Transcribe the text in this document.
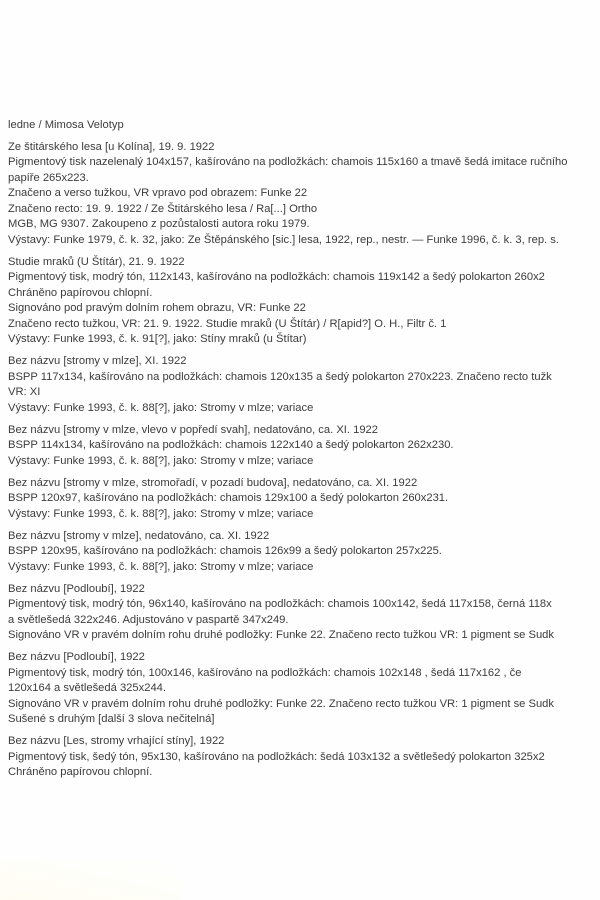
ledne / Mimosa Velotyp
Ze štitárského lesa [u Kolína], 19. 9. 1922
Pigmentový tisk nazelenalý 104x157, kašírováno na podložkách: chamois 115x160 a tmavě šedá imitace ručního
papíře 265x223.
Značeno a verso tužkou, VR vpravo pod obrazem: Funke 22
Značeno recto: 19. 9. 1922 / Ze Štitárského lesa / Ra[...] Ortho
MGB, MG 9307. Zakoupeno z pozůstalosti autora roku 1979.
Výstavy: Funke 1979, č. k. 32, jako: Ze Štěpánského [sic.] lesa, 1922, rep., nestr. — Funke 1996, č. k. 3, rep. s.
Studie mraků (U Štítár), 21. 9. 1922
Pigmentový tisk, modrý tón, 112x143, kašírováno na podložkách: chamois 119x142 a šedý polokarton 260x2
Chráněno papírovou chlopní.
Signováno pod pravým dolním rohem obrazu, VR: Funke 22
Značeno recto tužkou, VR: 21. 9. 1922. Studie mraků (U Štítár) / R[apid?] O. H., Filtr č. 1
Výstavy: Funke 1993, č. k. 91[?], jako: Stíny mraků (u Štítar)
Bez názvu [stromy v mlze], XI. 1922
BSPP 117x134, kašírováno na podložkách: chamois 120x135 a šedý polokarton 270x223. Značeno recto tužk
VR: XI
Výstavy: Funke 1993, č. k. 88[?], jako: Stromy v mlze; variace
Bez názvu [stromy v mlze, vlevo v popředí svah], nedatováno, ca. XI. 1922
BSPP 114x134, kašírováno na podložkách: chamois 122x140 a šedý polokarton 262x230.
Výstavy: Funke 1993, č. k. 88[?], jako: Stromy v mlze; variace
Bez názvu [stromy v mlze, stromořadí, v pozadí budova], nedatováno, ca. XI. 1922
BSPP 120x97, kašírováno na podložkách: chamois 129x100 a šedý polokarton 260x231.
Výstavy: Funke 1993, č. k. 88[?], jako: Stromy v mlze; variace
Bez názvu [stromy v mlze], nedatováno, ca. XI. 1922
BSPP 120x95, kašírováno na podložkách: chamois 126x99 a šedý polokarton 257x225.
Výstavy: Funke 1993, č. k. 88[?], jako: Stromy v mlze; variace
Bez názvu [Podloubí], 1922
Pigmentový tisk, modrý tón, 96x140, kašírováno na podložkách: chamois 100x142, šedá 117x158, černá 118x
a světlešedá 322x246. Adjustováno v paspartě 347x249.
Signováno VR v pravém dolním rohu druhé podložky: Funke 22. Značeno recto tužkou VR: 1 pigment se Sudk
Bez názvu [Podloubí], 1922
Pigmentový tisk, modrý tón, 100x146, kašírováno na podložkách: chamois 102x148 , šedá 117x162 , če
120x164 a světlešedá 325x244.
Signováno VR v pravém dolním rohu druhé podložky: Funke 22. Značeno recto tužkou VR: 1 pigment se Sudk
Sušené s druhým [další 3 slova nečitelná]
Bez názvu [Les, stromy vrhající stíny], 1922
Pigmentový tisk, šedý tón, 95x130, kašírováno na podložkách: šedá 103x132 a světlešedý polokarton 325x2
Chráněno papírovou chlopní.
